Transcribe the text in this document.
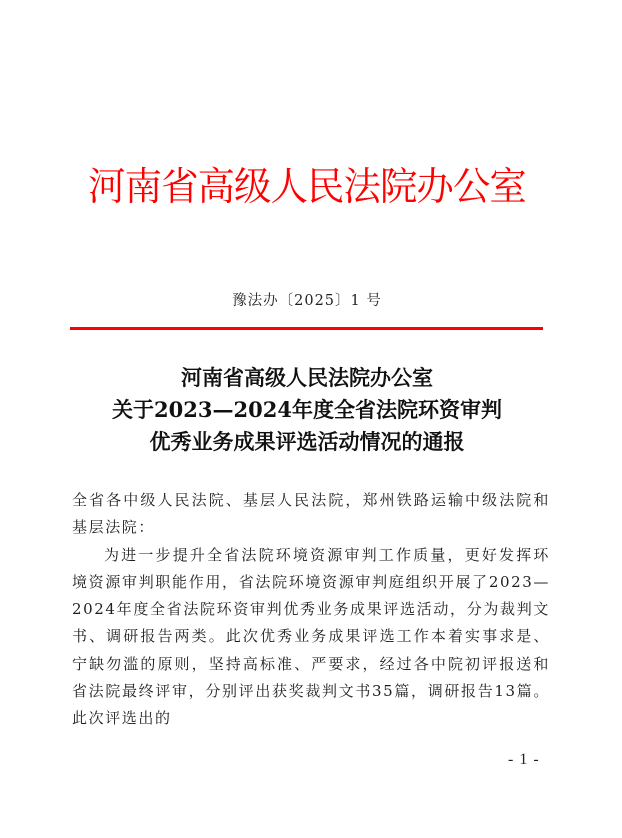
河南省高级人民法院办公室
豫法办〔2025〕1 号
河南省高级人民法院办公室
关于2023—2024年度全省法院环资审判
优秀业务成果评选活动情况的通报

全省各中级人民法院、基层人民法院，郑州铁路运输中级法院和基层法院：

为进一步提升全省法院环境资源审判工作质量，更好发挥环境资源审判职能作用，省法院环境资源审判庭组织开展了2023—2024年度全省法院环资审判优秀业务成果评选活动，分为裁判文书、调研报告两类。此次优秀业务成果评选工作本着实事求是、宁缺勿滥的原则，坚持高标准、严要求，经过各中院初评报送和省法院最终评审，分别评出获奖裁判文书35篇，调研报告13篇。此次评选出的

- 1 -
